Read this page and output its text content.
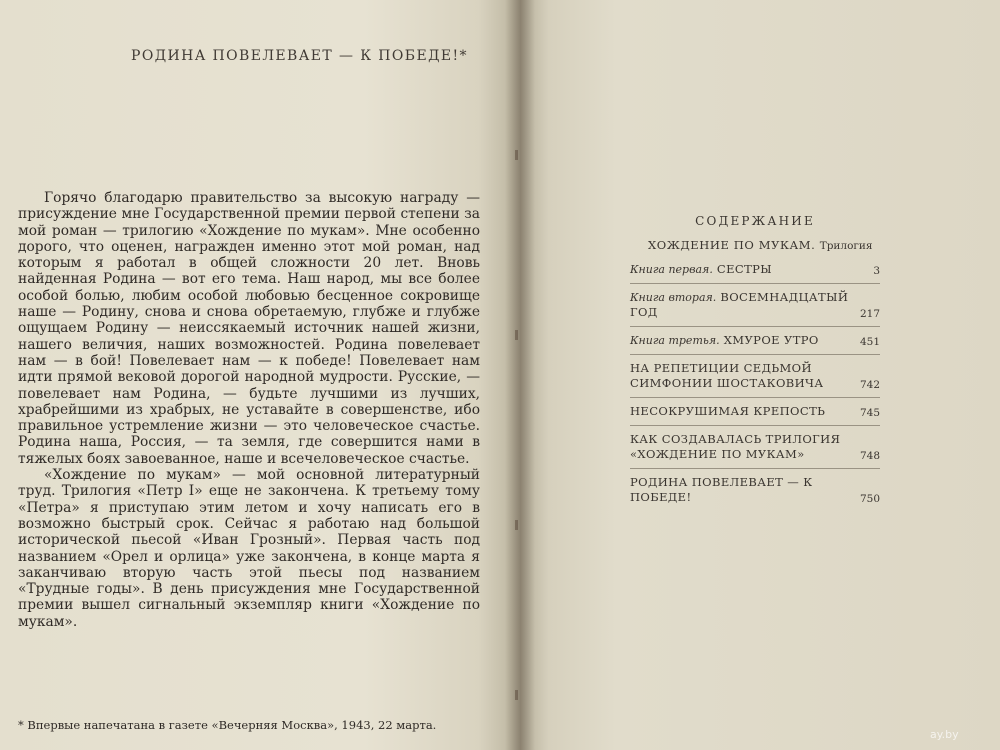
РОДИНА ПОВЕЛЕВАЕТ — К ПОБЕДЕ!*

Горячо благодарю правительство за высокую награду — присуждение мне Государственной премии первой степени за мой роман — трилогию «Хождение по мукам». Мне особенно дорого, что оценен, награжден именно этот мой роман, над которым я работал в общей сложности 20 лет. Вновь найденная Родина — вот его тема. Наш народ, мы все более особой болью, любим особой любовью бесценное сокровище наше — Родину, снова и снова обретаемую, глубже и глубже ощущаем Родину — неиссякаемый источник нашей жизни, нашего величия, наших возможностей. Родина повелевает нам — в бой! Повелевает нам — к победе! Повелевает нам идти прямой вековой дорогой народной мудрости. Русские, — повелевает нам Родина, — будьте лучшими из лучших, храбрейшими из храбрых, не уставайте в совершенстве, ибо правильное устремление жизни — это человеческое счастье. Родина наша, Россия, — та земля, где совершится нами в тяжелых боях завоеванное, наше и всечеловеческое счастье.

«Хождение по мукам» — мой основной литературный труд. Трилогия «Петр I» еще не закончена. К третьему тому «Петра» я приступаю этим летом и хочу написать его в возможно быстрый срок. Сейчас я работаю над большой исторической пьесой «Иван Грозный». Первая часть под названием «Орел и орлица» уже закончена, в конце марта я заканчиваю вторую часть этой пьесы под названием «Трудные годы». В день присуждения мне Государственной премии вышел сигнальный экземпляр книги «Хождение по мукам».

* Впервые напечатана в газете «Вечерняя Москва», 1943, 22 марта.
СОДЕРЖАНИЕ
ХОЖДЕНИЕ ПО МУКАМ. Трилогия
Книга первая. СЕСТРЫ	3
Книга вторая. ВОСЕМНАДЦАТЫЙ ГОД	217
Книга третья. ХМУРОЕ УТРО	451
НА РЕПЕТИЦИИ СЕДЬМОЙ СИМФОНИИ ШОСТАКОВИЧА	742
НЕСОКРУШИМАЯ КРЕПОСТЬ	745
КАК СОЗДАВАЛАСЬ ТРИЛОГИЯ «ХОЖДЕНИЕ ПО МУКАМ»	748
РОДИНА ПОВЕЛЕВАЕТ — К ПОБЕДЕ!	750
ay.by
